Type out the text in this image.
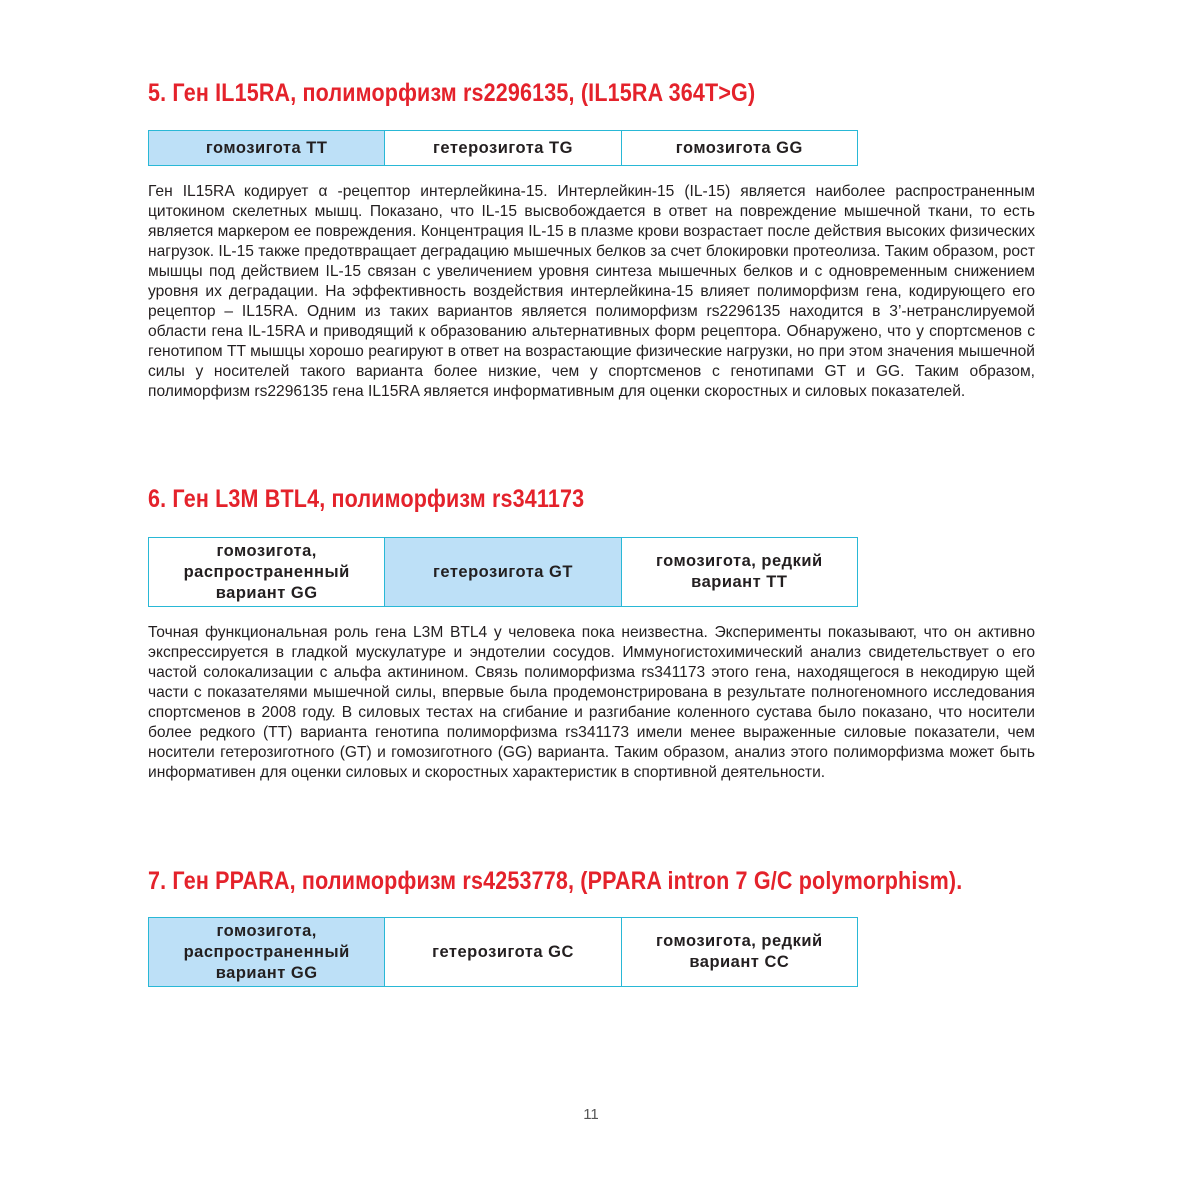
5. Ген IL15RA, полиморфизм rs2296135, (IL15RA 364T>G)
гомозигота TT	гетерозигота TG	гомозигота GG

Ген IL15RA кодирует α -рецептор интерлейкина-15. Интерлейкин-15 (IL-15) является наиболее распространенным цитокином скелетных мышц. Показано, что IL-15 высвобождается в ответ на повреждение мышечной ткани, то есть является маркером ее повреждения. Концентрация IL-15 в плазме крови возрастает после действия высоких физических нагрузок. IL-15 также предотвращает деградацию мышечных белков за счет блокировки протеолиза. Таким образом, рост мышцы под действием IL-15 связан с увеличением уровня синтеза мышечных белков и с одновременным снижением уровня их деградации. На эффективность воздействия интерлейкина-15 влияет полиморфизм гена, кодирующего его рецептор – IL15RA. Одним из таких вариантов является полиморфизм rs2296135 находится в 3’-нетранслируемой области гена IL-15RA и приводящий к образованию альтернативных форм рецептора. Обнаружено, что у спортсменов с генотипом TT мышцы хорошо реагируют в ответ на возрастающие физические нагрузки, но при этом значения мышечной силы у носителей такого варианта более низкие, чем у спортсменов с генотипами GT и GG. Таким образом, полиморфизм rs2296135 гена IL15RA является информативным для оценки скоростных и силовых показателей.

6. Ген L3M BTL4, полиморфизм rs341173
гомозигота, распространенный вариант GG	гетерозигота GT	гомозигота, редкий вариант TT

Точная функциональная роль гена L3M BTL4 у человека пока неизвестна. Эксперименты показывают, что он активно экспрессируется в гладкой мускулатуре и эндотелии сосудов. Иммуногистохимический анализ свидетельствует о его частой солокализации с альфа актинином. Связь полиморфизма rs341173 этого гена, находящегося в некодирую щей части с показателями мышечной силы, впервые была продемонстрирована в результате полногеномного исследования спортсменов в 2008 году. В силовых тестах на сгибание и разгибание коленного сустава было показано, что носители более редкого (TT) варианта генотипа полиморфизма rs341173 имели менее выраженные силовые показатели, чем носители гетерозиготного (GT) и гомозиготного (GG) варианта. Таким образом, анализ этого полиморфизма может быть информативен для оценки силовых и скоростных характеристик в спортивной деятельности.

7. Ген PPARA, полиморфизм rs4253778, (PPARA intron 7 G/C polymorphism).
гомозигота, распространенный вариант GG	гетерозигота GC	гомозигота, редкий вариант CC

11
